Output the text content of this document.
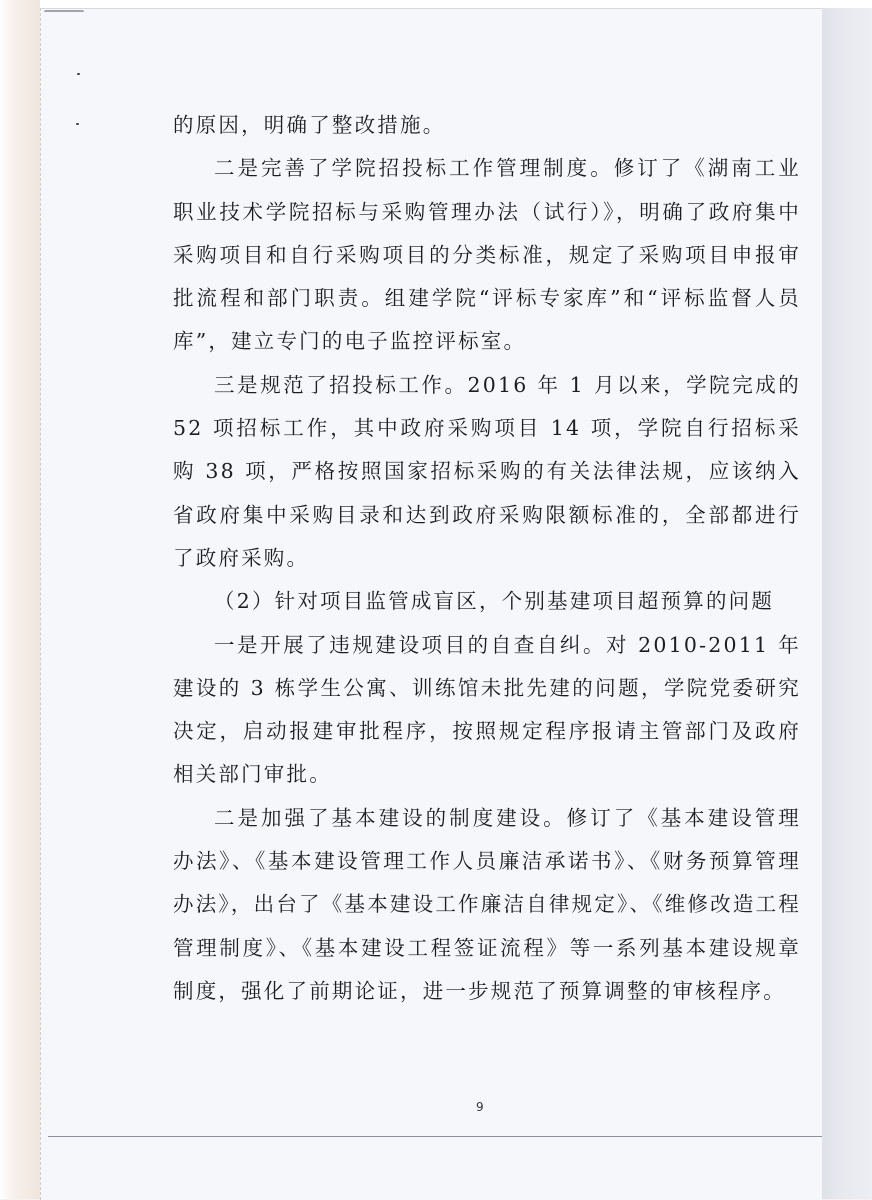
的原因，明确了整改措施。

二是完善了学院招投标工作管理制度。修订了《湖南工业职业技术学院招标与采购管理办法（试行）》，明确了政府集中采购项目和自行采购项目的分类标准，规定了采购项目申报审批流程和部门职责。组建学院“评标专家库”和“评标监督人员库”，建立专门的电子监控评标室。

三是规范了招投标工作。2016 年 1 月以来，学院完成的 52 项招标工作，其中政府采购项目 14 项，学院自行招标采购 38 项，严格按照国家招标采购的有关法律法规，应该纳入省政府集中采购目录和达到政府采购限额标准的，全部都进行了政府采购。

（2）针对项目监管成盲区，个别基建项目超预算的问题

一是开展了违规建设项目的自查自纠。对 2010-2011 年建设的 3 栋学生公寓、训练馆未批先建的问题，学院党委研究决定，启动报建审批程序，按照规定程序报请主管部门及政府相关部门审批。

二是加强了基本建设的制度建设。修订了《基本建设管理办法》、《基本建设管理工作人员廉洁承诺书》、《财务预算管理办法》，出台了《基本建设工作廉洁自律规定》、《维修改造工程管理制度》、《基本建设工程签证流程》等一系列基本建设规章制度，强化了前期论证，进一步规范了预算调整的审核程序。

9
